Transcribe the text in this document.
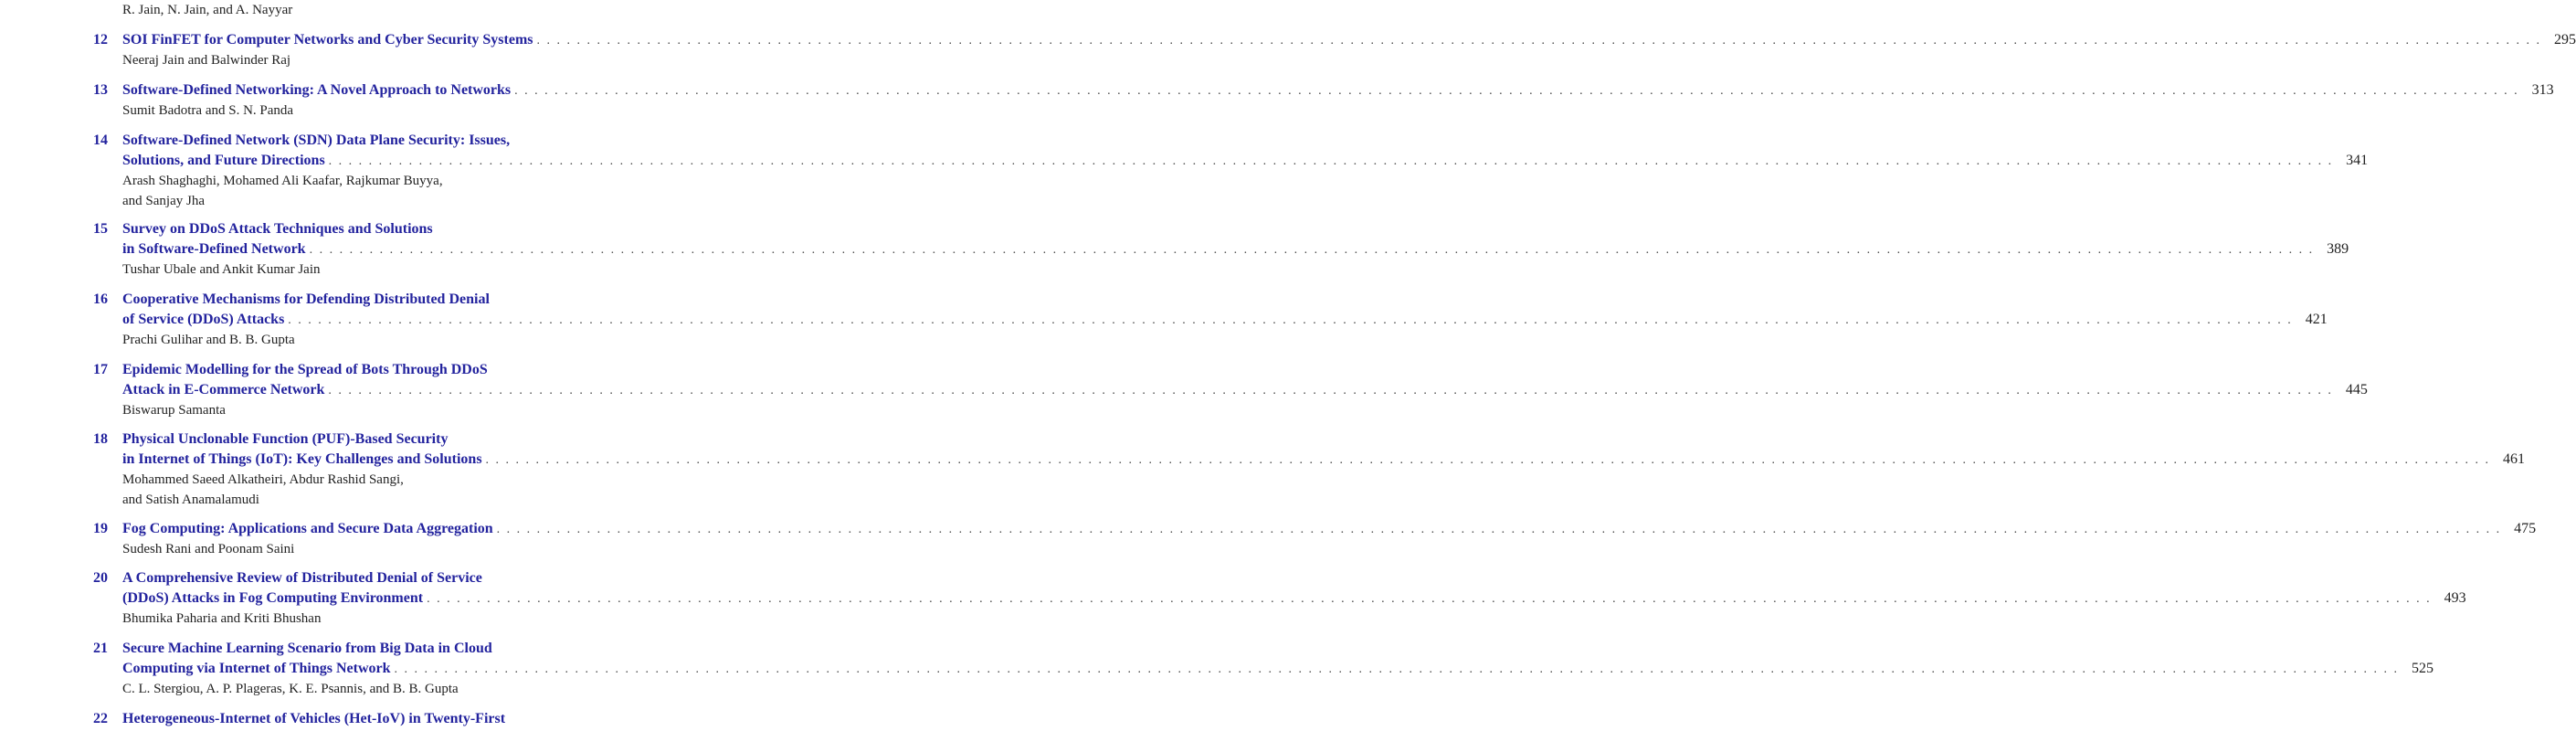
R. Jain, N. Jain, and A. Nayyar
12 SOI FinFET for Computer Networks and Cyber Security Systems . . . . . . . . . . . . . . . . . . . . . . . . . . . . . . . . . . . . . . . . . . . . . . . . . . . . . . . . . . . . . . . . . . . . . . . . . . . . . . . . . . . . . . . . . . . . . . . . . . . . . . . . . . . . . . . . . . . . . . . . . . . . . . . . . . . . . . . . . . . . . . . . . . . . . . . . . . . . . . . . . . . . . . . . . . . . . . . . . . . . . . . . . . . . . . . . . . . . . . . . 295
Neeraj Jain and Balwinder Raj
13 Software-Defined Networking: A Novel Approach to Networks . . . . . . . . . . . . . . . . . . . . . . . . . . . . . . . . . . . . . . . . . . . . . . . . . . . . . . . . . . . . . . . . . . . . . . . . . . . . . . . . . . . . . . . . . . . . . . . . . . . . . . . . . . . . . . . . . . . . . . . . . . . . . . . . . . . . . . . . . . . . . . . . . . . . . . . . . . . . . . . . . . . . . . . . . . . . . . . . . . . . . . . . . . . . . . . . . . . . . . . . 313
Sumit Badotra and S. N. Panda
14 Software-Defined Network (SDN) Data Plane Security: Issues,
Solutions, and Future Directions . . . . . . . . . . . . . . . . . . . . . . . . . . . . . . . . . . . . . . . . . . . . . . . . . . . . . . . . . . . . . . . . . . . . . . . . . . . . . . . . . . . . . . . . . . . . . . . . . . . . . . . . . . . . . . . . . . . . . . . . . . . . . . . . . . . . . . . . . . . . . . . . . . . . . . . . . . . . . . . . . . . . . . . . . . . . . . . . . . . . . . . . . . . . . . . . . . . . . . . . 341
Arash Shaghaghi, Mohamed Ali Kaafar, Rajkumar Buyya,
and Sanjay Jha
15 Survey on DDoS Attack Techniques and Solutions
in Software-Defined Network . . . . . . . . . . . . . . . . . . . . . . . . . . . . . . . . . . . . . . . . . . . . . . . . . . . . . . . . . . . . . . . . . . . . . . . . . . . . . . . . . . . . . . . . . . . . . . . . . . . . . . . . . . . . . . . . . . . . . . . . . . . . . . . . . . . . . . . . . . . . . . . . . . . . . . . . . . . . . . . . . . . . . . . . . . . . . . . . . . . . . . . . . . . . . . . . . . . . . . . . 389
Tushar Ubale and Ankit Kumar Jain
16 Cooperative Mechanisms for Defending Distributed Denial
of Service (DDoS) Attacks . . . . . . . . . . . . . . . . . . . . . . . . . . . . . . . . . . . . . . . . . . . . . . . . . . . . . . . . . . . . . . . . . . . . . . . . . . . . . . . . . . . . . . . . . . . . . . . . . . . . . . . . . . . . . . . . . . . . . . . . . . . . . . . . . . . . . . . . . . . . . . . . . . . . . . . . . . . . . . . . . . . . . . . . . . . . . . . . . . . . . . . . . . . . . . . . . . . . . . . . 421
Prachi Gulihar and B. B. Gupta
17 Epidemic Modelling for the Spread of Bots Through DDoS
Attack in E-Commerce Network . . . . . . . . . . . . . . . . . . . . . . . . . . . . . . . . . . . . . . . . . . . . . . . . . . . . . . . . . . . . . . . . . . . . . . . . . . . . . . . . . . . . . . . . . . . . . . . . . . . . . . . . . . . . . . . . . . . . . . . . . . . . . . . . . . . . . . . . . . . . . . . . . . . . . . . . . . . . . . . . . . . . . . . . . . . . . . . . . . . . . . . . . . . . . . . . . . . . . . . . 445
Biswarup Samanta
18 Physical Unclonable Function (PUF)-Based Security
in Internet of Things (IoT): Key Challenges and Solutions . . . . . . . . . . . . . . . . . . . . . . . . . . . . . . . . . . . . . . . . . . . . . . . . . . . . . . . . . . . . . . . . . . . . . . . . . . . . . . . . . . . . . . . . . . . . . . . . . . . . . . . . . . . . . . . . . . . . . . . . . . . . . . . . . . . . . . . . . . . . . . . . . . . . . . . . . . . . . . . . . . . . . . . . . . . . . . . . . . . . . . . . . . . . . . . . . . . . . . . . 461
Mohammed Saeed Alkatheiri, Abdur Rashid Sangi,
and Satish Anamalamudi
19 Fog Computing: Applications and Secure Data Aggregation . . . . . . . . . . . . . . . . . . . . . . . . . . . . . . . . . . . . . . . . . . . . . . . . . . . . . . . . . . . . . . . . . . . . . . . . . . . . . . . . . . . . . . . . . . . . . . . . . . . . . . . . . . . . . . . . . . . . . . . . . . . . . . . . . . . . . . . . . . . . . . . . . . . . . . . . . . . . . . . . . . . . . . . . . . . . . . . . . . . . . . . . . . . . . . . . . . . . . . . . 475
Sudesh Rani and Poonam Saini
20 A Comprehensive Review of Distributed Denial of Service
(DDoS) Attacks in Fog Computing Environment . . . . . . . . . . . . . . . . . . . . . . . . . . . . . . . . . . . . . . . . . . . . . . . . . . . . . . . . . . . . . . . . . . . . . . . . . . . . . . . . . . . . . . . . . . . . . . . . . . . . . . . . . . . . . . . . . . . . . . . . . . . . . . . . . . . . . . . . . . . . . . . . . . . . . . . . . . . . . . . . . . . . . . . . . . . . . . . . . . . . . . . . . . . . . . . . . . . . . . . . 493
Bhumika Paharia and Kriti Bhushan
21 Secure Machine Learning Scenario from Big Data in Cloud
Computing via Internet of Things Network . . . . . . . . . . . . . . . . . . . . . . . . . . . . . . . . . . . . . . . . . . . . . . . . . . . . . . . . . . . . . . . . . . . . . . . . . . . . . . . . . . . . . . . . . . . . . . . . . . . . . . . . . . . . . . . . . . . . . . . . . . . . . . . . . . . . . . . . . . . . . . . . . . . . . . . . . . . . . . . . . . . . . . . . . . . . . . . . . . . . . . . . . . . . . . . . . . . . . . . . 525
C. L. Stergiou, A. P. Plageras, K. E. Psannis, and B. B. Gupta
22 Heterogeneous-Internet of Vehicles (Het-IoV) in Twenty-First
